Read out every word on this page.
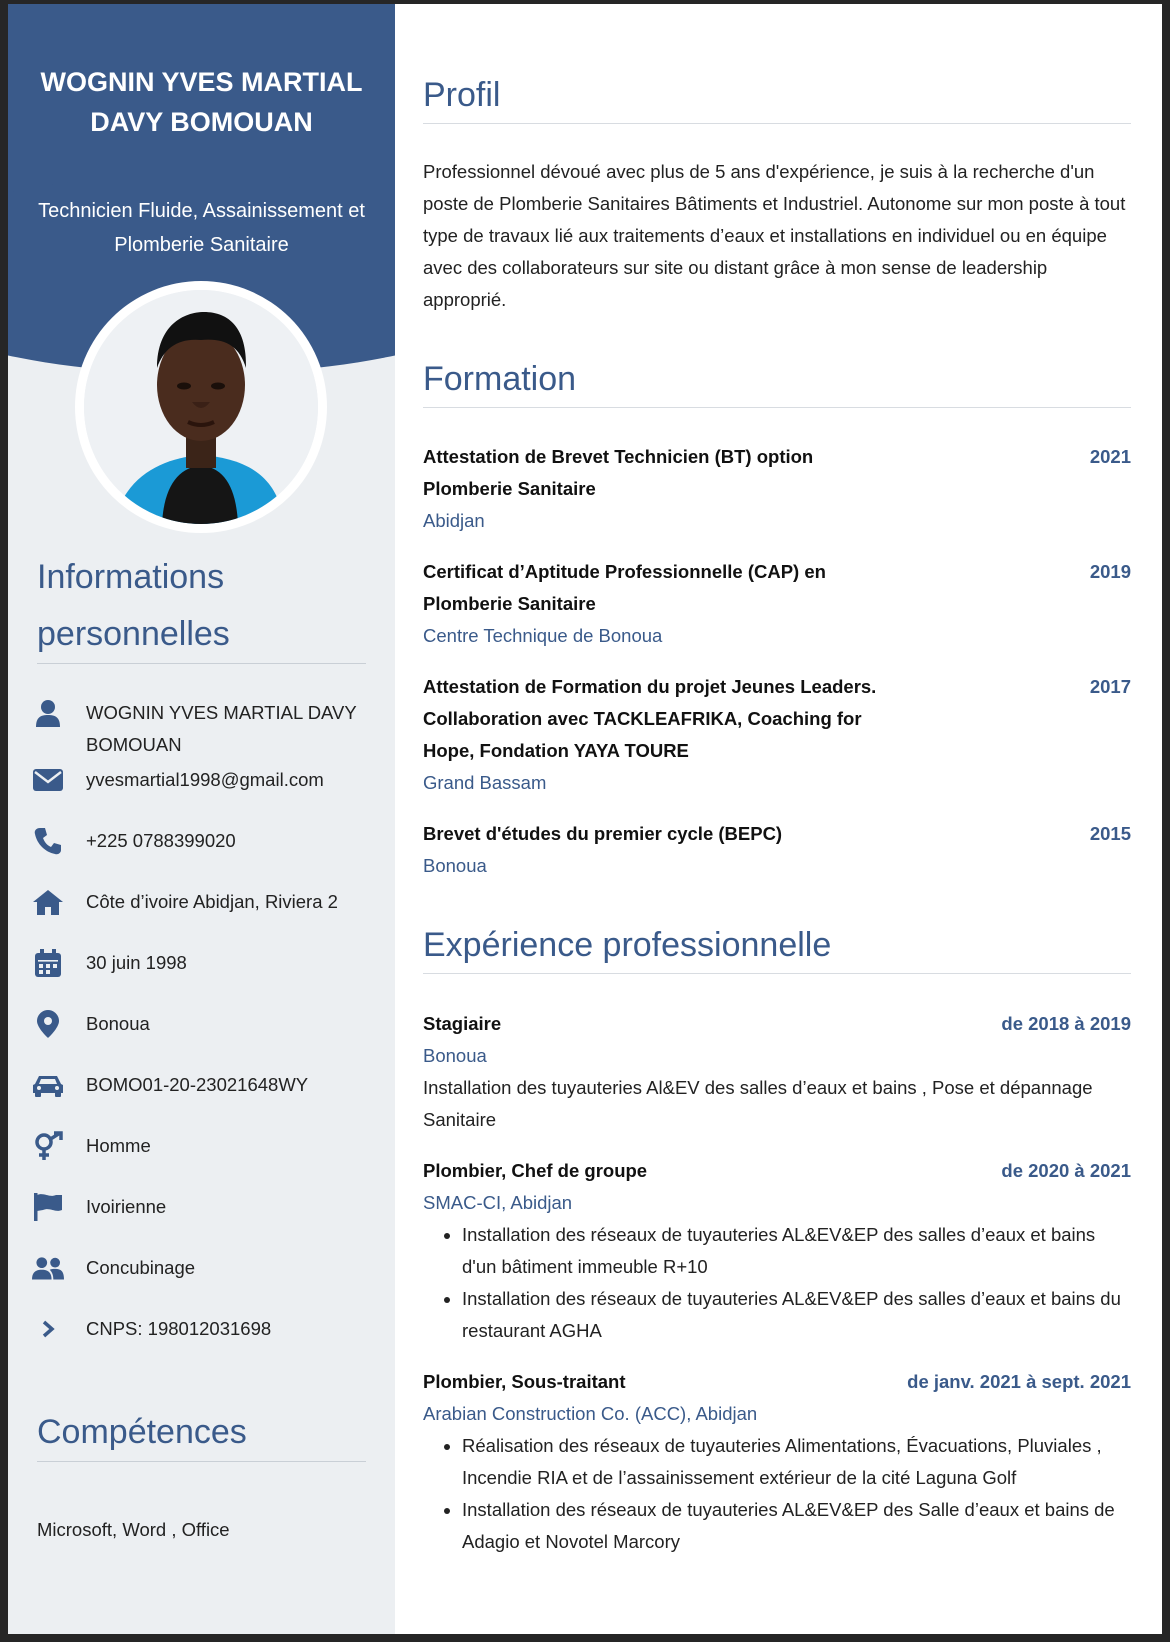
WOGNIN YVES MARTIAL DAVY BOMOUAN
Technicien Fluide, Assainissement et Plomberie Sanitaire
Informations personnelles
WOGNIN YVES MARTIAL DAVY BOMOUAN
yvesmartial1998@gmail.com
+225 0788399020
Côte d’ivoire Abidjan, Riviera 2
30 juin 1998
Bonoua
BOMO01-20-23021648WY
Homme
Ivoirienne
Concubinage
CNPS: 198012031698
Compétences
Microsoft, Word , Office
Profil
Professionnel dévoué avec plus de 5 ans d'expérience, je suis à la recherche d'un poste de Plomberie Sanitaires Bâtiments et Industriel. Autonome sur mon poste à tout type de travaux lié aux traitements d’eaux et installations en individuel ou en équipe avec des collaborateurs sur site ou distant grâce à mon sense de leadership approprié.
Formation
Attestation de Brevet Technicien (BT) option Plomberie Sanitaire
2021
Abidjan
Certificat d’Aptitude Professionnelle (CAP) en Plomberie Sanitaire
2019
Centre Technique de Bonoua
Attestation de Formation du projet Jeunes Leaders. Collaboration avec TACKLEAFRIKA, Coaching for Hope, Fondation YAYA TOURE
2017
Grand Bassam
Brevet d'études du premier cycle (BEPC)	2015
Bonoua
Expérience professionnelle
Stagiaire	de 2018 à 2019
Bonoua
Installation des tuyauteries Al&EV des salles d’eaux et bains , Pose et dépannage Sanitaire
Plombier, Chef de groupe	de 2020 à 2021
SMAC-CI, Abidjan
• Installation des réseaux de tuyauteries AL&EV&EP des salles d’eaux et bains d'un bâtiment immeuble R+10
• Installation des réseaux de tuyauteries AL&EV&EP des salles d’eaux et bains du restaurant AGHA
Plombier, Sous-traitant	de janv. 2021 à sept. 2021
Arabian Construction Co. (ACC), Abidjan
• Réalisation des réseaux de tuyauteries Alimentations, Évacuations, Pluviales , Incendie RIA et de l’assainissement extérieur de la cité Laguna Golf
• Installation des réseaux de tuyauteries AL&EV&EP des Salle d’eaux et bains de Adagio et Novotel Marcory
